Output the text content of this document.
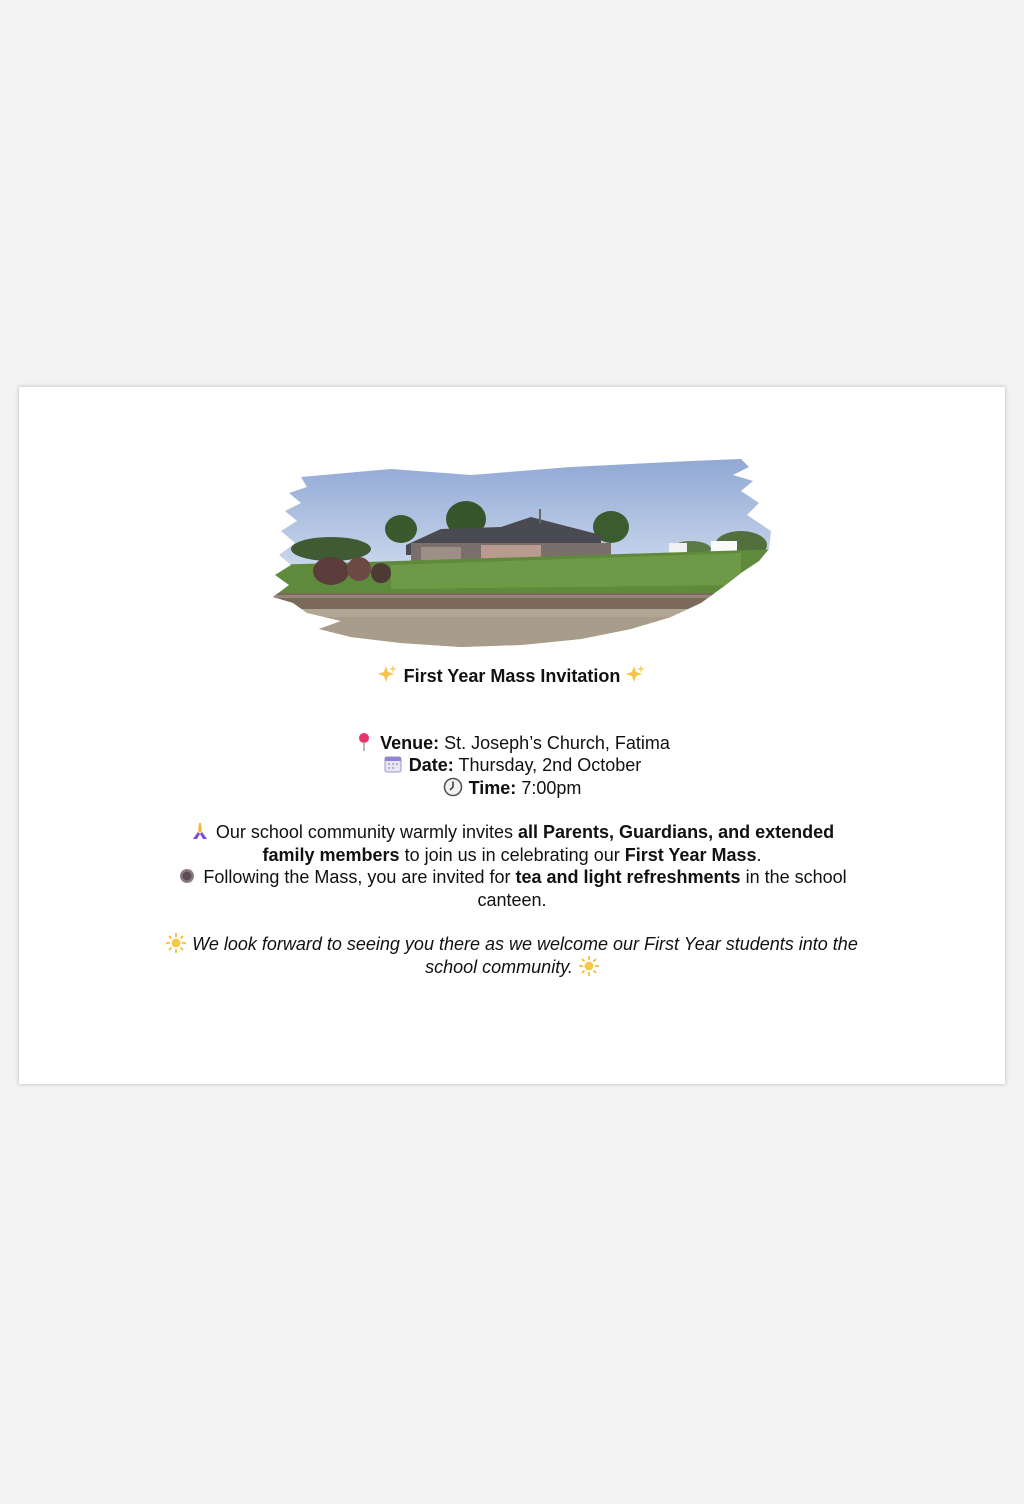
First Year Mass Invitation

Venue: St. Joseph’s Church, Fatima

Date: Thursday, 2nd October

Time: 7:00pm

Our school community warmly invites all Parents, Guardians, and extended family members to join us in celebrating our First Year Mass.

Following the Mass, you are invited for tea and light refreshments in the school canteen.

We look forward to seeing you there as we welcome our First Year students into the school community.
